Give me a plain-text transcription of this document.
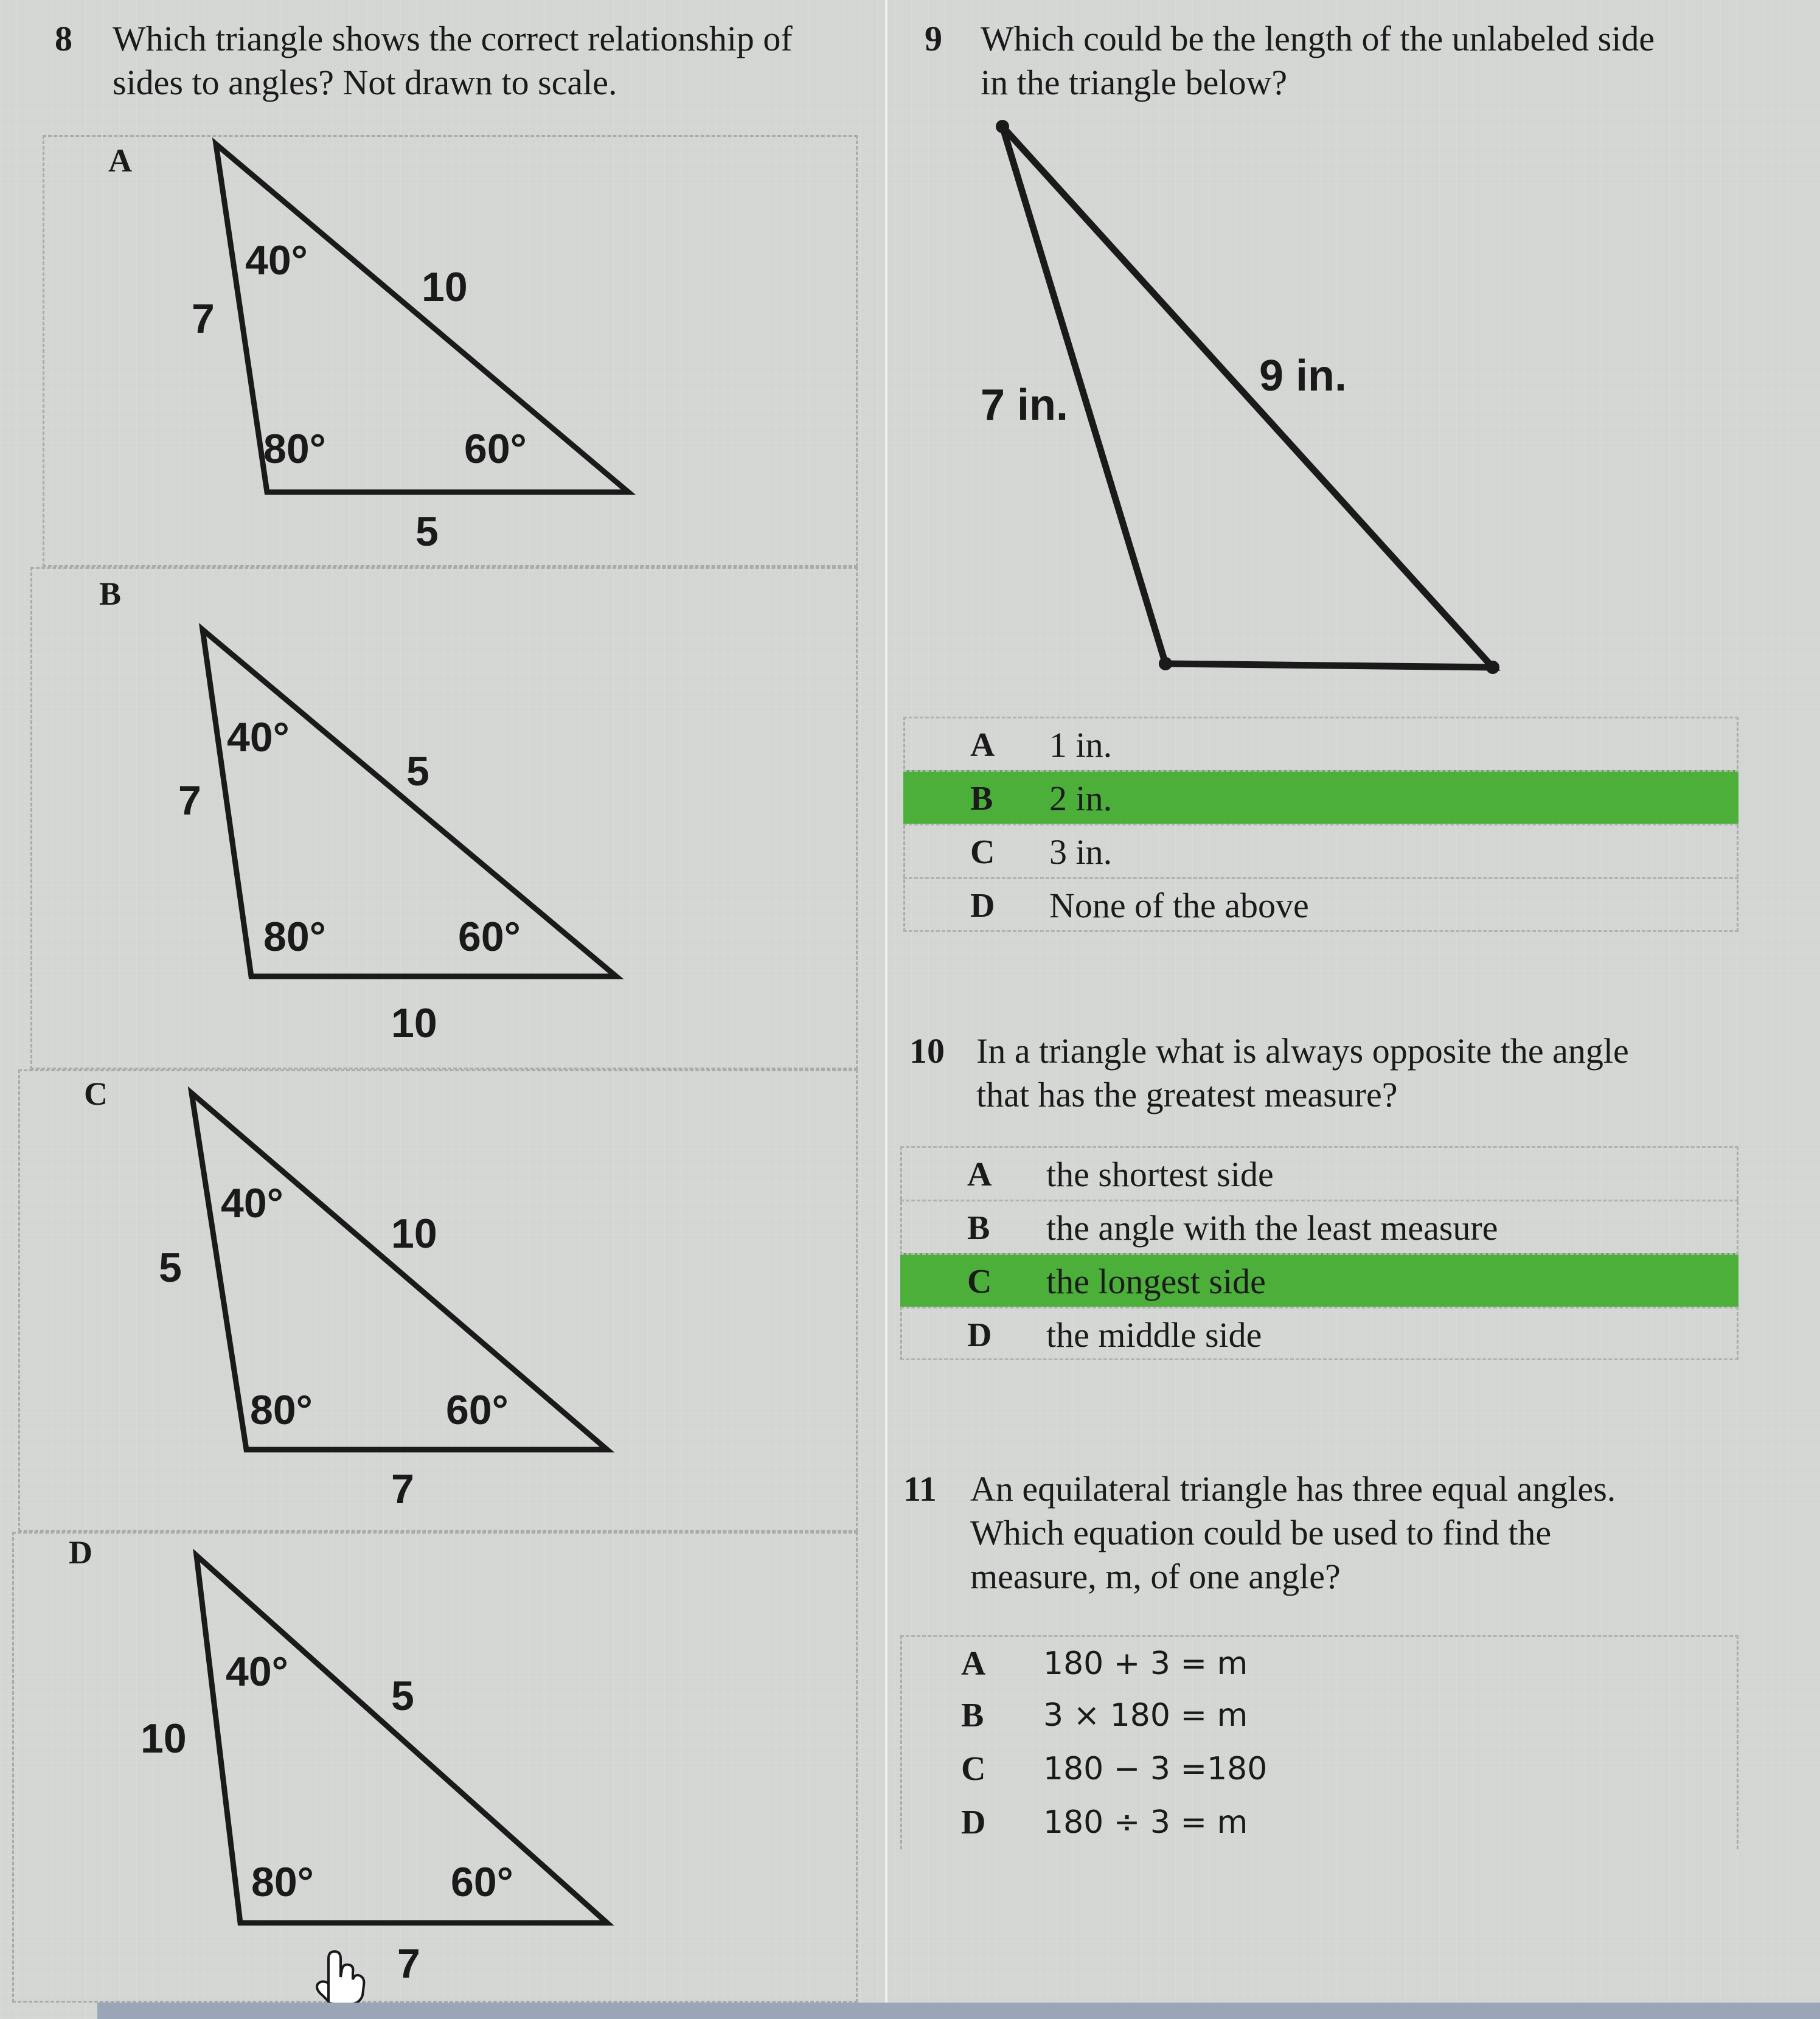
8 Which triangle shows the correct relationship of
sides to angles? Not drawn to scale.
A
40°
80°	60°
7
10
5
B
40°
80°	60°
7
5
10
C
40°
80°	60°
5
10
7
D
40°
80°	60°
10
5
7
9 Which could be the length of the unlabeled side
in the triangle below?
7 in.
9 in.
A 1 in.
B 2 in.
C 3 in.
D None of the above
10 In a triangle what is always opposite the angle
that has the greatest measure?
A the shortest side
B the angle with the least measure
C the longest side
D the middle side
11 An equilateral triangle has three equal angles.
Which equation could be used to find the
measure, m, of one angle?
A 180 + 3 = m
B 3 × 180 = m
C 180 − 3 =180
D 180 ÷ 3 = m
